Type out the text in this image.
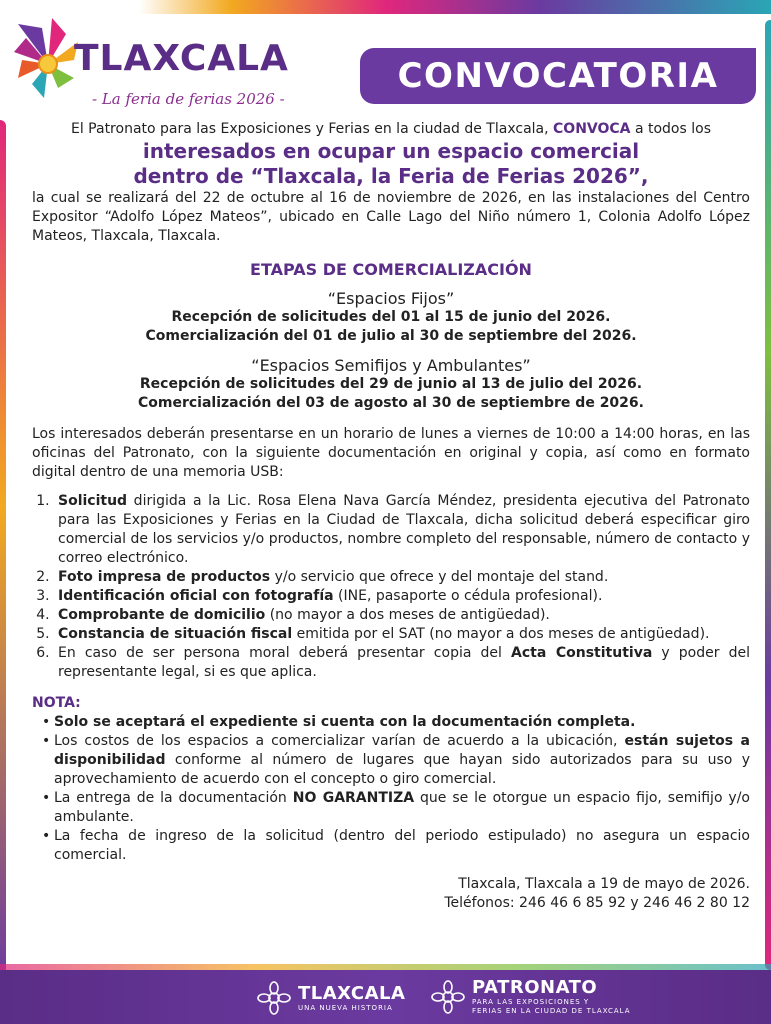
TLAXCALA
- La feria de ferias 2026 -
CONVOCATORIA

El Patronato para las Exposiciones y Ferias en la ciudad de Tlaxcala, CONVOCA a todos los

interesados en ocupar un espacio comercial

dentro de “Tlaxcala, la Feria de Ferias 2026”,

la cual se realizará del 22 de octubre al 16 de noviembre de 2026, en las instalaciones del Centro Expositor “Adolfo López Mateos”, ubicado en Calle Lago del Niño número 1, Colonia Adolfo López Mateos, Tlaxcala, Tlaxcala.

ETAPAS DE COMERCIALIZACIÓN

“Espacios Fijos”

Recepción de solicitudes del 01 al 15 de junio del 2026.

Comercialización del 01 de julio al 30 de septiembre del 2026.

“Espacios Semifijos y Ambulantes”

Recepción de solicitudes del 29 de junio al 13 de julio del 2026.

Comercialización del 03 de agosto al 30 de septiembre de 2026.

Los interesados deberán presentarse en un horario de lunes a viernes de 10:00 a 14:00 horas, en las oficinas del Patronato, con la siguiente documentación en original y copia, así como en formato digital dentro de una memoria USB:

1. Solicitud dirigida a la Lic. Rosa Elena Nava García Méndez, presidenta ejecutiva del Patronato para las Exposiciones y Ferias en la Ciudad de Tlaxcala, dicha solicitud deberá especificar giro comercial de los servicios y/o productos, nombre completo del responsable, número de contacto y correo electrónico.
2. Foto impresa de productos y/o servicio que ofrece y del montaje del stand.
3. Identificación oficial con fotografía (INE, pasaporte o cédula profesional).
4. Comprobante de domicilio (no mayor a dos meses de antigüedad).
5. Constancia de situación fiscal emitida por el SAT (no mayor a dos meses de antigüedad).
6. En caso de ser persona moral deberá presentar copia del Acta Constitutiva y poder del representante legal, si es que aplica.
NOTA:
• Solo se aceptará el expediente si cuenta con la documentación completa.
• Los costos de los espacios a comercializar varían de acuerdo a la ubicación, están sujetos a disponibilidad conforme al número de lugares que hayan sido autorizados para su uso y aprovechamiento de acuerdo con el concepto o giro comercial.
• La entrega de la documentación NO GARANTIZA que se le otorgue un espacio fijo, semifijo y/o ambulante.
• La fecha de ingreso de la solicitud (dentro del periodo estipulado) no asegura un espacio comercial.
Tlaxcala, Tlaxcala a 19 de mayo de 2026.
Teléfonos: 246 46 6 85 92 y 246 46 2 80 12
TLAXCALA
UNA NUEVA HISTORIA
PATRONATO
PARA LAS EXPOSICIONES Y
FERIAS EN LA CIUDAD DE TLAXCALA
